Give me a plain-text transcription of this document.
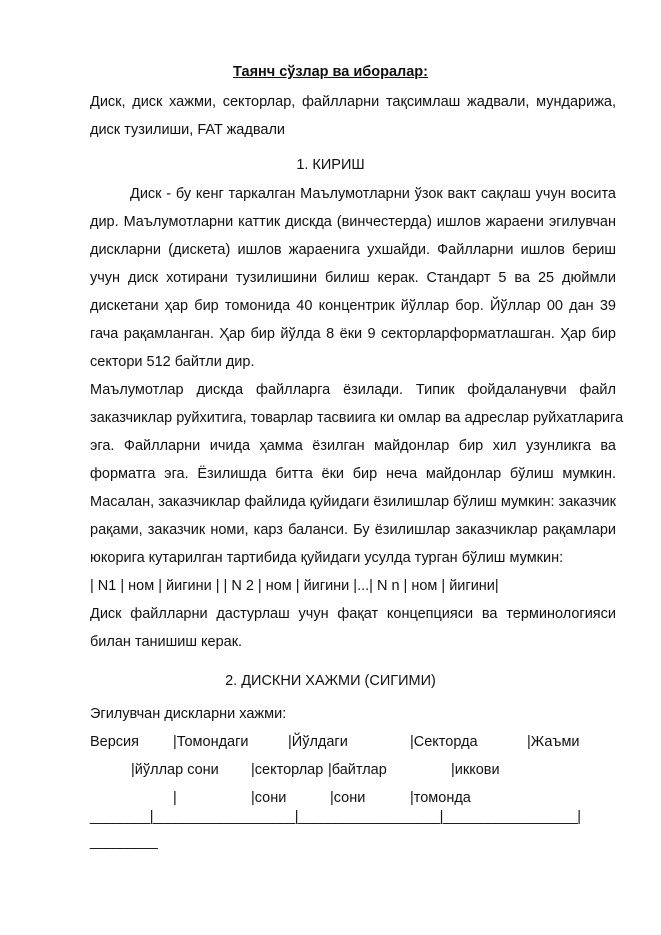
Таянч сўзлар ва иборалар:
Диск, диск хажми, секторлар, файлларни тақсимлаш жадвали, мундарижа,
диск тузилиши, FAT жадвали
1. КИРИШ
Диск - бу кенг таркалган Маълумотларни ўзок вакт сақлаш учун восита
дир. Маълумотларни каттик дискда (винчестерда) ишлов жараени эгилувчан
дискларни (дискета) ишлов жараенига ухшайди. Файлларни ишлов бериш
учун диск хотирани тузилишини билиш керак. Стандарт 5 ва 25 дюймли
дискетани ҳар бир томонида 40 концентрик йўллар бор. Йўллар 00 дан 39
гача рақамланган. Ҳар бир йўлда 8 ёки 9 секторларформатлашган. Ҳар бир
сектори 512 байтли дир.
Маълумотлар дискда файлларга ёзилади. Типик фойдаланувчи файл
заказчиклар руйхитига, товарлар тасвиига ки омлар ва адреслар руйхатларига
эга. Файлларни ичида ҳамма ёзилган майдонлар бир хил узунликга ва
форматга эга. Ёзилишда битта ёки бир неча майдонлар бўлиш мумкин.
Масалан, заказчиклар файлида қуйидаги ёзилишлар бўлиш мумкин: заказчик
рақами, заказчик номи, карз баланси. Бу ёзилишлар заказчиклар рақамлари
юкорига кутарилган тартибида қуйидаги усулда турган бўлиш мумкин:
| N1 | ном | йигини | | N 2 | ном | йигини |...| N n | ном | йигини|
Диск файлларни дастурлаш учун фақат концепцияси ва терминологияси
билан танишиш керак.
2. ДИСКНИ ХАЖМИ (СИГИМИ)
Эгилувчан дискларни хажми:
Версия |Томондаги	|Йўлдаги	|Секторда	|Жаъми
|йўллар сони |секторлар |байтлар	|иккови
|	|сони	|сони	|томонда
________|___________________|___________________|__________________|
_________
